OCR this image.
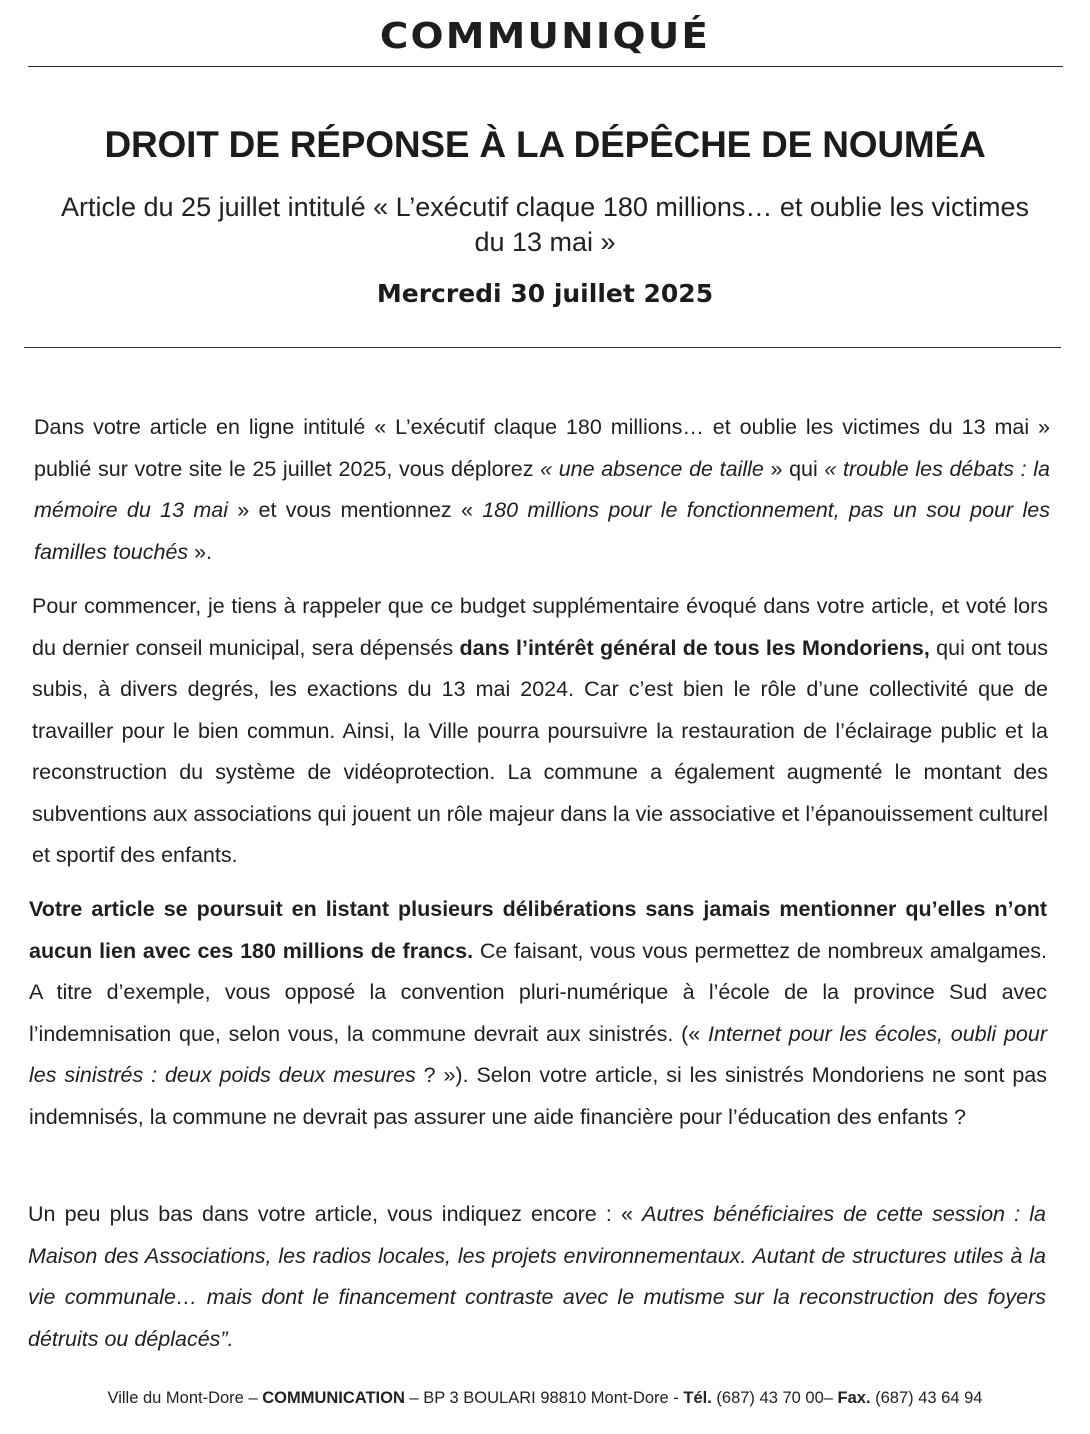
COMMUNIQUÉ
DROIT DE RÉPONSE À LA DÉPÊCHE DE NOUMÉA
Article du 25 juillet intitulé « L’exécutif claque 180 millions… et oublie les victimes du 13 mai »
Mercredi 30 juillet 2025
Dans votre article en ligne intitulé « L’exécutif claque 180 millions… et oublie les victimes du 13 mai » publié sur votre site le 25 juillet 2025, vous déplorez « une absence de taille » qui « trouble les débats : la mémoire du 13 mai » et vous mentionnez « 180 millions pour le fonctionnement, pas un sou pour les familles touchés ».
Pour commencer, je tiens à rappeler que ce budget supplémentaire évoqué dans votre article, et voté lors du dernier conseil municipal, sera dépensés dans l’intérêt général de tous les Mondoriens, qui ont tous subis, à divers degrés, les exactions du 13 mai 2024. Car c’est bien le rôle d’une collectivité que de travailler pour le bien commun. Ainsi, la Ville pourra poursuivre la restauration de l’éclairage public et la reconstruction du système de vidéoprotection. La commune a également augmenté le montant des subventions aux associations qui jouent un rôle majeur dans la vie associative et l’épanouissement culturel et sportif des enfants.
Votre article se poursuit en listant plusieurs délibérations sans jamais mentionner qu’elles n’ont aucun lien avec ces 180 millions de francs. Ce faisant, vous vous permettez de nombreux amalgames. A titre d’exemple, vous opposé la convention pluri-numérique à l’école de la province Sud avec l’indemnisation que, selon vous, la commune devrait aux sinistrés. (« Internet pour les écoles, oubli pour les sinistrés : deux poids deux mesures ? »). Selon votre article, si les sinistrés Mondoriens ne sont pas indemnisés, la commune ne devrait pas assurer une aide financière pour l’éducation des enfants ?
Un peu plus bas dans votre article, vous indiquez encore : « Autres bénéficiaires de cette session : la Maison des Associations, les radios locales, les projets environnementaux. Autant de structures utiles à la vie communale… mais dont le financement contraste avec le mutisme sur la reconstruction des foyers détruits ou déplacés”.
Ville du Mont-Dore – COMMUNICATION – BP 3 BOULARI 98810 Mont-Dore - Tél. (687) 43 70 00– Fax. (687) 43 64 94
